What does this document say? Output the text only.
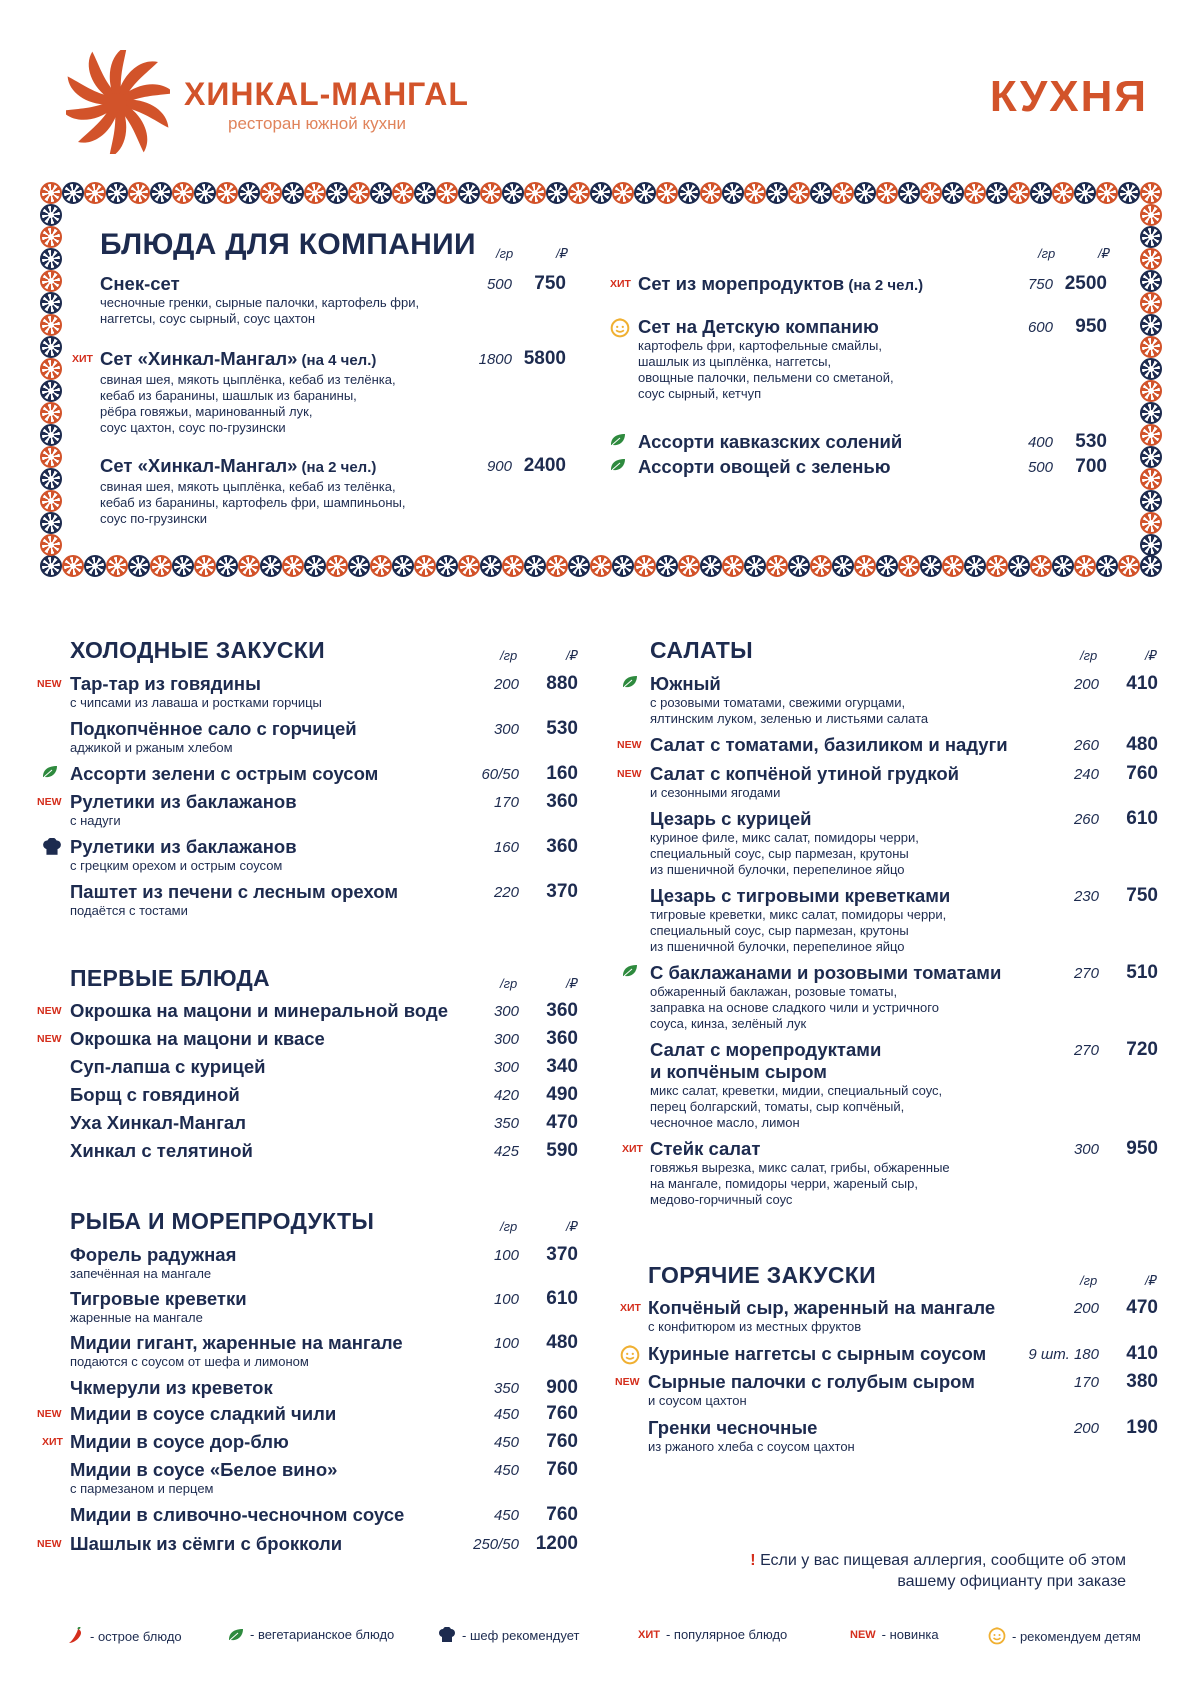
ХИНКАL-МАНГАL
ресторан южной кухни
КУХНЯ
БЛЮДА ДЛЯ КОМПАНИИ /гр	/₽	/гр	/₽
Снек-сет
чесночные гренки, сырные палочки, картофель фри,
наггетсы, соус сырный, соус цахтон
500 750
Сет «Хинкал-Мангал» (на 4 чел.)
свиная шея, мякоть цыплёнка, кебаб из телёнка,
кебаб из баранины, шашлык из баранины,
рёбра говяжьи, маринованный лук,
соус цахтон, соус по-грузински
ХИТ	1800 5800
Сет «Хинкал-Мангал» (на 2 чел.)
свиная шея, мякоть цыплёнка, кебаб из телёнка,
кебаб из баранины, картофель фри, шампиньоны,
соус по-грузински
900 2400
Сет из морепродуктов (на 2 чел.)
ХИТ	750 2500
Сет на Детскую компанию
картофель фри, картофельные смайлы,
шашлык из цыплёнка, наггетсы,
овощные палочки, пельмени со сметаной,
соус сырный, кетчуп
600 950
Ассорти кавказских солений	400 530
Ассорти овощей с зеленью	500 700
ХОЛОДНЫЕ ЗАКУСКИ	/гр	/₽
Тар-тар из говядины
с чипсами из лаваша и ростками горчицы
NEW	200 880
Подкопчённое сало с горчицей
аджикой и ржаным хлебом
300 530
Ассорти зелени с острым соусом	60/50 160
Рулетики из баклажанов
с надуги
NEW	170 360
Рулетики из баклажанов
с грецким орехом и острым соусом
160 360
Паштет из печени с лесным орехом
подаётся с тостами
220 370
ПЕРВЫЕ БЛЮДА	/гр	/₽
Окрошка на мацони и минеральной воде
NEW	300 360
Окрошка на мацони и квасе
NEW	300 360
Суп-лапша с курицей	300 340
Борщ с говядиной	420 490
Уха Хинкал-Мангал	350 470
Хинкал с телятиной	425 590
РЫБА И МОРЕПРОДУКТЫ	/гр	/₽
Форель радужная
запечённая на мангале
100 370
Тигровые креветки
жаренные на мангале
100 610
Мидии гигант, жаренные на мангале
подаются с соусом от шефа и лимоном
100 480
Чкмерули из креветок	350 900
Мидии в соусе сладкий чили
NEW	450 760
Мидии в соусе дор-блю
ХИТ	450 760
Мидии в соусе «Белое вино»
с пармезаном и перцем
450 760
Мидии в сливочно-чесночном соусе	450 760
Шашлык из сёмги с брокколи
NEW	250/50 1200
САЛАТЫ	/гр	/₽
Южный
с розовыми томатами, свежими огурцами,
ялтинским луком, зеленью и листьями салата
200 410
Салат с томатами, базиликом и надуги
NEW	260 480
Салат с копчёной утиной грудкой
и сезонными ягодами
NEW	240 760
Цезарь с курицей
куриное филе, микс салат, помидоры черри,
специальный соус, сыр пармезан, крутоны
из пшеничной булочки, перепелиное яйцо
260 610
Цезарь с тигровыми креветками
тигровые креветки, микс салат, помидоры черри,
специальный соус, сыр пармезан, крутоны
из пшеничной булочки, перепелиное яйцо
230 750
С баклажанами и розовыми томатами
обжаренный баклажан, розовые томаты,
заправка на основе сладкого чили и устричного
соуса, кинза, зелёный лук
270 510
Салат с морепродуктами
и копчёным сыром
микс салат, креветки, мидии, специальный соус,
перец болгарский, томаты, сыр копчёный,
чесночное масло, лимон
270 720
Стейк салат
говяжья вырезка, микс салат, грибы, обжаренные
на мангале, помидоры черри, жареный сыр,
медово-горчичный соус
ХИТ	300 950
ГОРЯЧИЕ ЗАКУСКИ	/гр	/₽
Копчёный сыр, жаренный на мангале
с конфитюром из местных фруктов
ХИТ	200 470
Куриные наггетсы с сырным соусом	9 шт. 180 410
Сырные палочки с голубым сыром
и соусом цахтон
NEW	170 380
Гренки чесночные
из ржаного хлеба с соусом цахтон
200 190
! Если у вас пищевая аллергия, сообщите об этом
вашему официанту при заказе
- острое блюдо	- вегетарианское блюдо	- шеф рекомендует	ХИТ - популярное блюдо	NEW - новинка	- рекомендуем детям
